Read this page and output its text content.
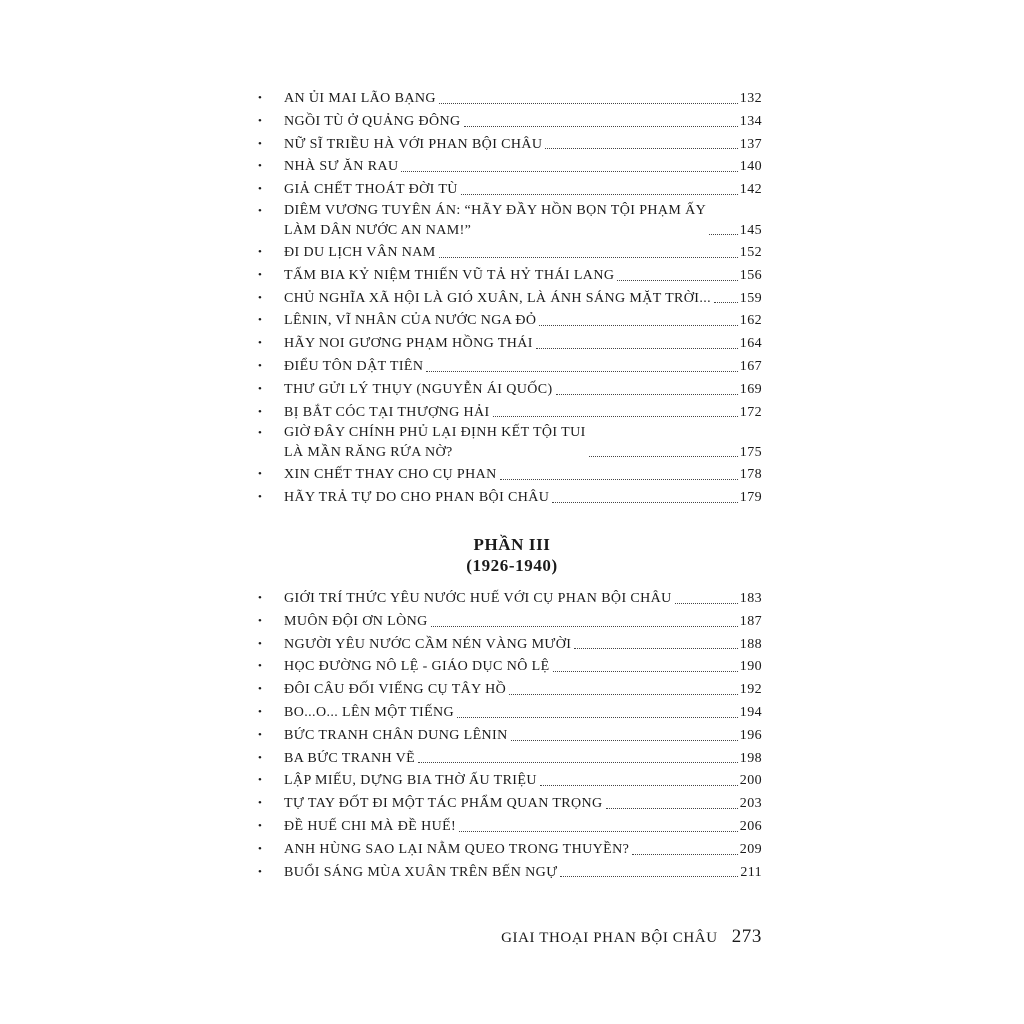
•	AN ỦI MAI LÃO BẠNG	132
•	NGỒI TÙ Ở QUẢNG ĐÔNG	134
•	NỮ SĨ TRIỀU HÀ VỚI PHAN BỘI CHÂU	137
•	NHÀ SƯ ĂN RAU	140
•	GIẢ CHẾT THOÁT ĐỜI TÙ	142
•	DIÊM VƯƠNG TUYÊN ÁN: “HÃY ĐẦY HỒN BỌN TỘI PHẠM ẤY
LÀM DÂN NƯỚC AN NAM!”	145
•	ĐI DU LỊCH VÂN NAM	152
•	TẤM BIA KỶ NIỆM THIẾN VŨ TẢ HỶ THÁI LANG	156
•	CHỦ NGHĨA XÃ HỘI LÀ GIÓ XUÂN, LÀ ÁNH SÁNG MẶT TRỜI... 159
•	LÊNIN, VĨ NHÂN CỦA NƯỚC NGA ĐỎ	162
•	HÃY NOI GƯƠNG PHẠM HỒNG THÁI	164
•	ĐIỂU TÔN DẬT TIÊN	167
•	THƯ GỬI LÝ THỤY (NGUYỄN ÁI QUỐC)	169
•	BỊ BẮT CÓC TẠI THƯỢNG HẢI	172
•	GIỜ ĐÂY CHÍNH PHỦ LẠI ĐỊNH KẾT TỘI TUI
LÀ MẦN RĂNG RỨA NỜ?	175
•	XIN CHẾT THAY CHO CỤ PHAN	178
•	HÃY TRẢ TỰ DO CHO PHAN BỘI CHÂU	179
PHẦN III
(1926-1940)
•	GIỚI TRÍ THỨC YÊU NƯỚC HUẾ VỚI CỤ PHAN BỘI CHÂU	183
•	MUÔN ĐỘI ƠN LÒNG	187
•	NGƯỜI YÊU NƯỚC CẦM NÉN VÀNG MƯỜI	188
•	HỌC ĐƯỜNG NÔ LỆ - GIÁO DỤC NÔ LỆ	190
•	ĐÔI CÂU ĐỐI VIẾNG CỤ TÂY HỒ	192
•	BO...O... LÊN MỘT TIẾNG	194
•	BỨC TRANH CHÂN DUNG LÊNIN	196
•	BA BỨC TRANH VẼ	198
•	LẬP MIẾU, DỰNG BIA THỜ ẤU TRIỆU	200
•	TỰ TAY ĐỐT ĐI MỘT TÁC PHẨM QUAN TRỌNG	203
•	ĐỀ HUẾ CHI MÀ ĐỀ HUẾ!	206
•	ANH HÙNG SAO LẠI NẰM QUEO TRONG THUYỀN?	209
•	BUỔI SÁNG MÙA XUÂN TRÊN BẾN NGỰ	211
GIAI THOẠI PHAN BỘI CHÂU 273
